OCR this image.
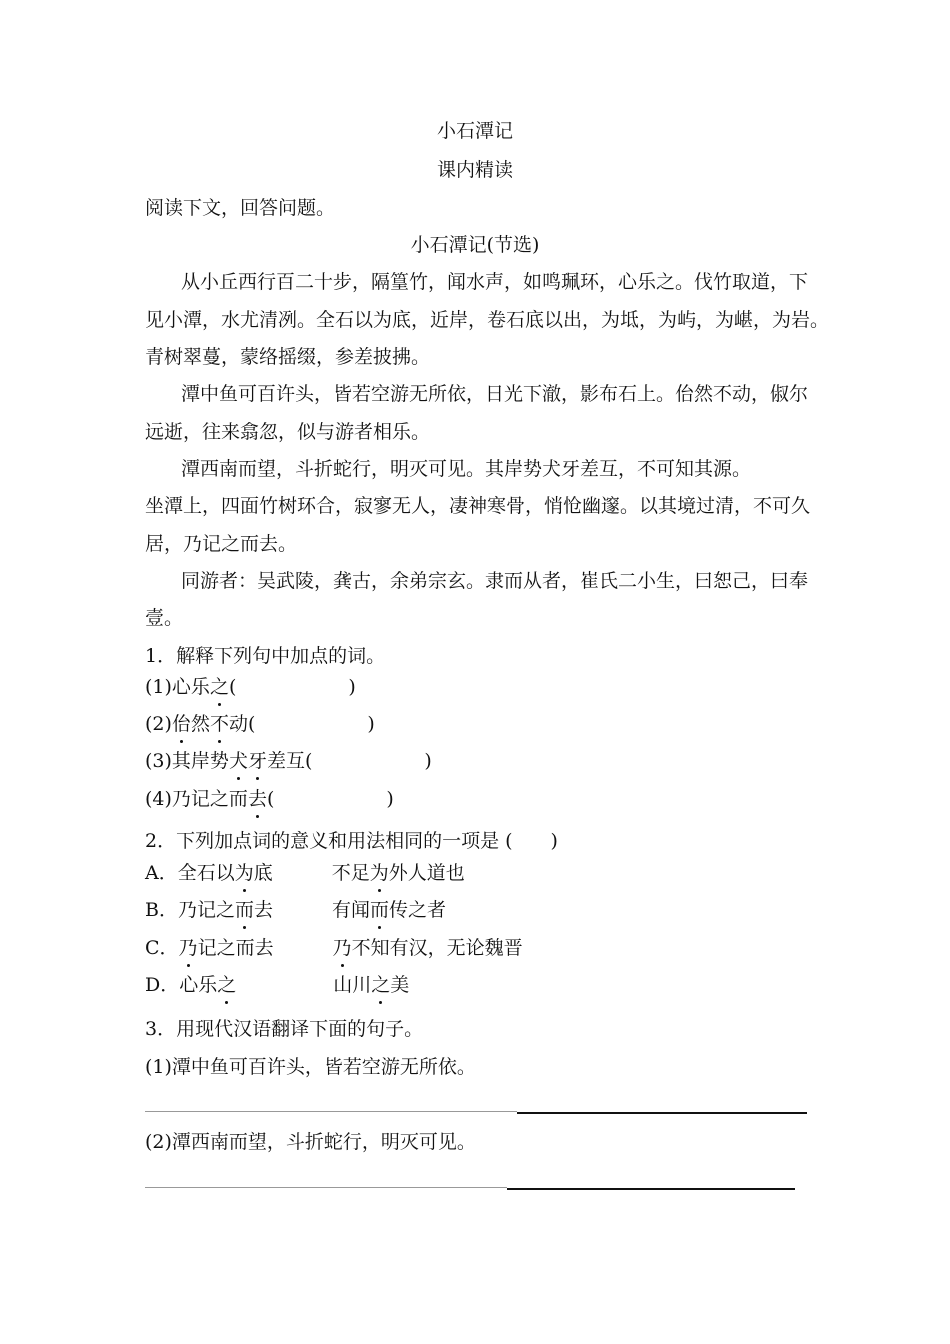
小石潭记
课内精读
阅读下文，回答问题。
小石潭记(节选)
从小丘西行百二十步，隔篁竹，闻水声，如鸣珮环，心乐之。伐竹取道，下
见小潭，水尤清冽。全石以为底，近岸，卷石底以出，为坻，为屿，为嵁，为岩。
青树翠蔓，蒙络摇缀，参差披拂。
潭中鱼可百许头，皆若空游无所依，日光下澈，影布石上。佁然不动，俶尔
远逝，往来翕忽，似与游者相乐。
潭西南而望，斗折蛇行，明灭可见。其岸势犬牙差互，不可知其源。
坐潭上，四面竹树环合，寂寥无人，凄神寒骨，悄怆幽邃。以其境过清，不可久
居，乃记之而去。
同游者：吴武陵，龚古，余弟宗玄。隶而从者，崔氏二小生，曰恕己，曰奉
壹。
1．解释下列句中加点的词。
(1)心乐之(	)
(2)佁然不动(	)
(3)其岸势犬牙差互(	)
(4)乃记之而去(	)
2．下列加点词的意义和用法相同的一项是 (　　)
A．全石以为底	不足为外人道也
B．乃记之而去	有闻而传之者
C．乃记之而去	乃不知有汉，无论魏晋
D．心乐之	山川之美
3．用现代汉语翻译下面的句子。
(1)潭中鱼可百许头，皆若空游无所依。
(2)潭西南而望，斗折蛇行，明灭可见。
